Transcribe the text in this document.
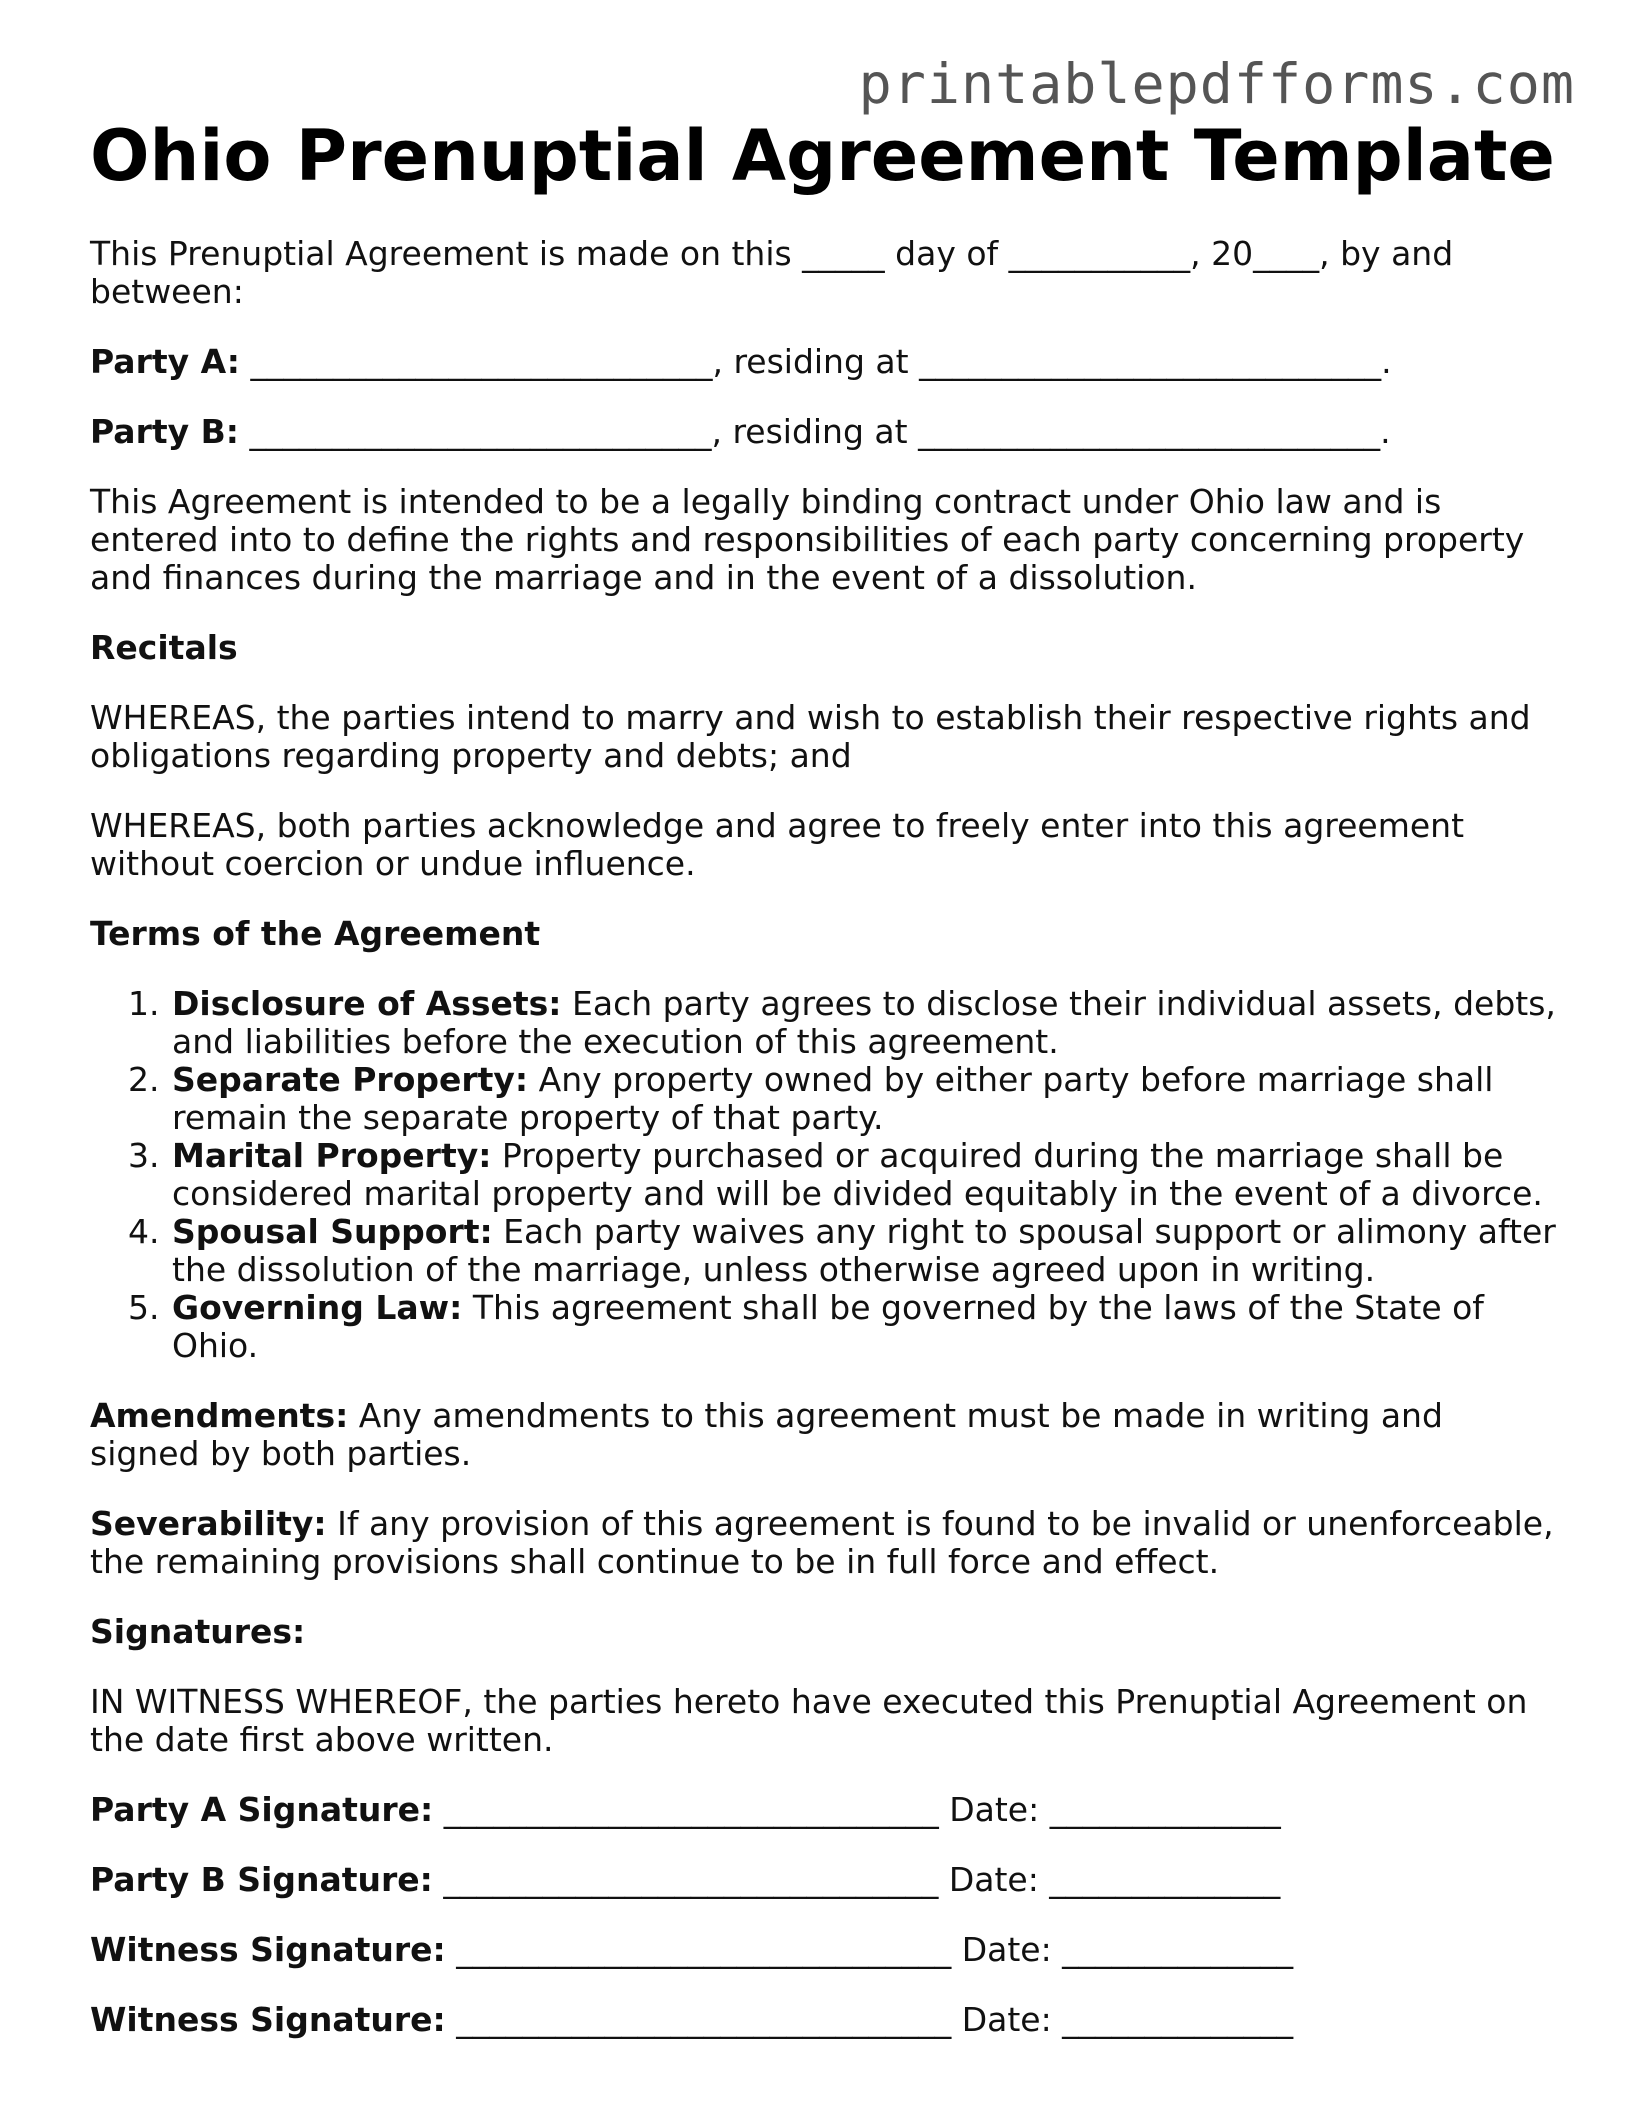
printablepdfforms.com
Ohio Prenuptial Agreement Template

This Prenuptial Agreement is made on this _____ day of ___________, 20____, by and between:

Party A: ____________________________, residing at ____________________________.

Party B: ____________________________, residing at ____________________________.

This Agreement is intended to be a legally binding contract under Ohio law and is entered into to define the rights and responsibilities of each party concerning property and finances during the marriage and in the event of a dissolution.

Recitals

WHEREAS, the parties intend to marry and wish to establish their respective rights and obligations regarding property and debts; and

WHEREAS, both parties acknowledge and agree to freely enter into this agreement without coercion or undue influence.

Terms of the Agreement

1. Disclosure of Assets: Each party agrees to disclose their individual assets, debts, and liabilities before the execution of this agreement.
2. Separate Property: Any property owned by either party before marriage shall remain the separate property of that party.
3. Marital Property: Property purchased or acquired during the marriage shall be considered marital property and will be divided equitably in the event of a divorce.
4. Spousal Support: Each party waives any right to spousal support or alimony after the dissolution of the marriage, unless otherwise agreed upon in writing.
5. Governing Law: This agreement shall be governed by the laws of the State of Ohio.

Amendments: Any amendments to this agreement must be made in writing and signed by both parties.

Severability: If any provision of this agreement is found to be invalid or unenforceable, the remaining provisions shall continue to be in full force and effect.

Signatures:

IN WITNESS WHEREOF, the parties hereto have executed this Prenuptial Agreement on the date first above written.

Party A Signature: ______________________________ Date: ______________

Party B Signature: ______________________________ Date: ______________

Witness Signature: ______________________________ Date: ______________

Witness Signature: ______________________________ Date: ______________
